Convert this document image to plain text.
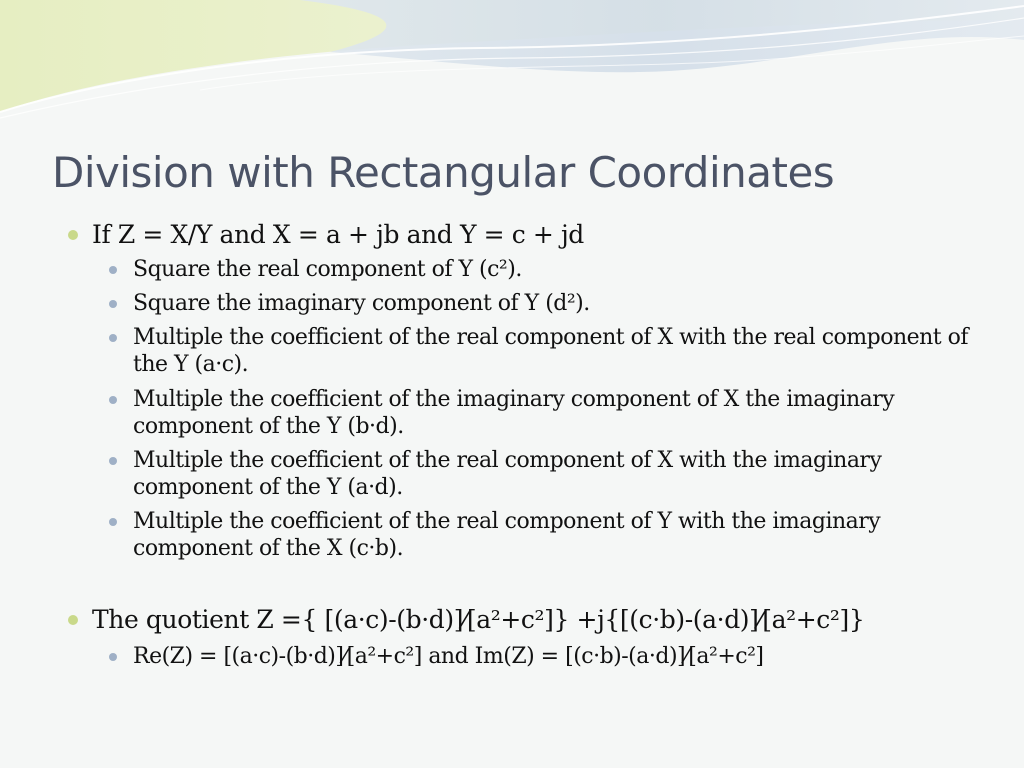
Division with Rectangular Coordinates

If Z = X/Y and X = a + jb and Y = c + jd

Square the real component of Y (c²).

Square the imaginary component of Y (d²).

Multiple the coefficient of the real component of X with the real component of the Y (a·c).

Multiple the coefficient of the imaginary component of X the imaginary component of the Y (b·d).

Multiple the coefficient of the real component of X with the imaginary component of the Y (a·d).

Multiple the coefficient of the real component of Y with the imaginary component of the X (c·b).

The quotient Z ={ [(a·c)-(b·d)]⁄[a²+c²]} +j{[(c·b)-(a·d)]⁄[a²+c²]}

Re(Z) = [(a·c)-(b·d)]⁄[a²+c²] and Im(Z) = [(c·b)-(a·d)]⁄[a²+c²]
